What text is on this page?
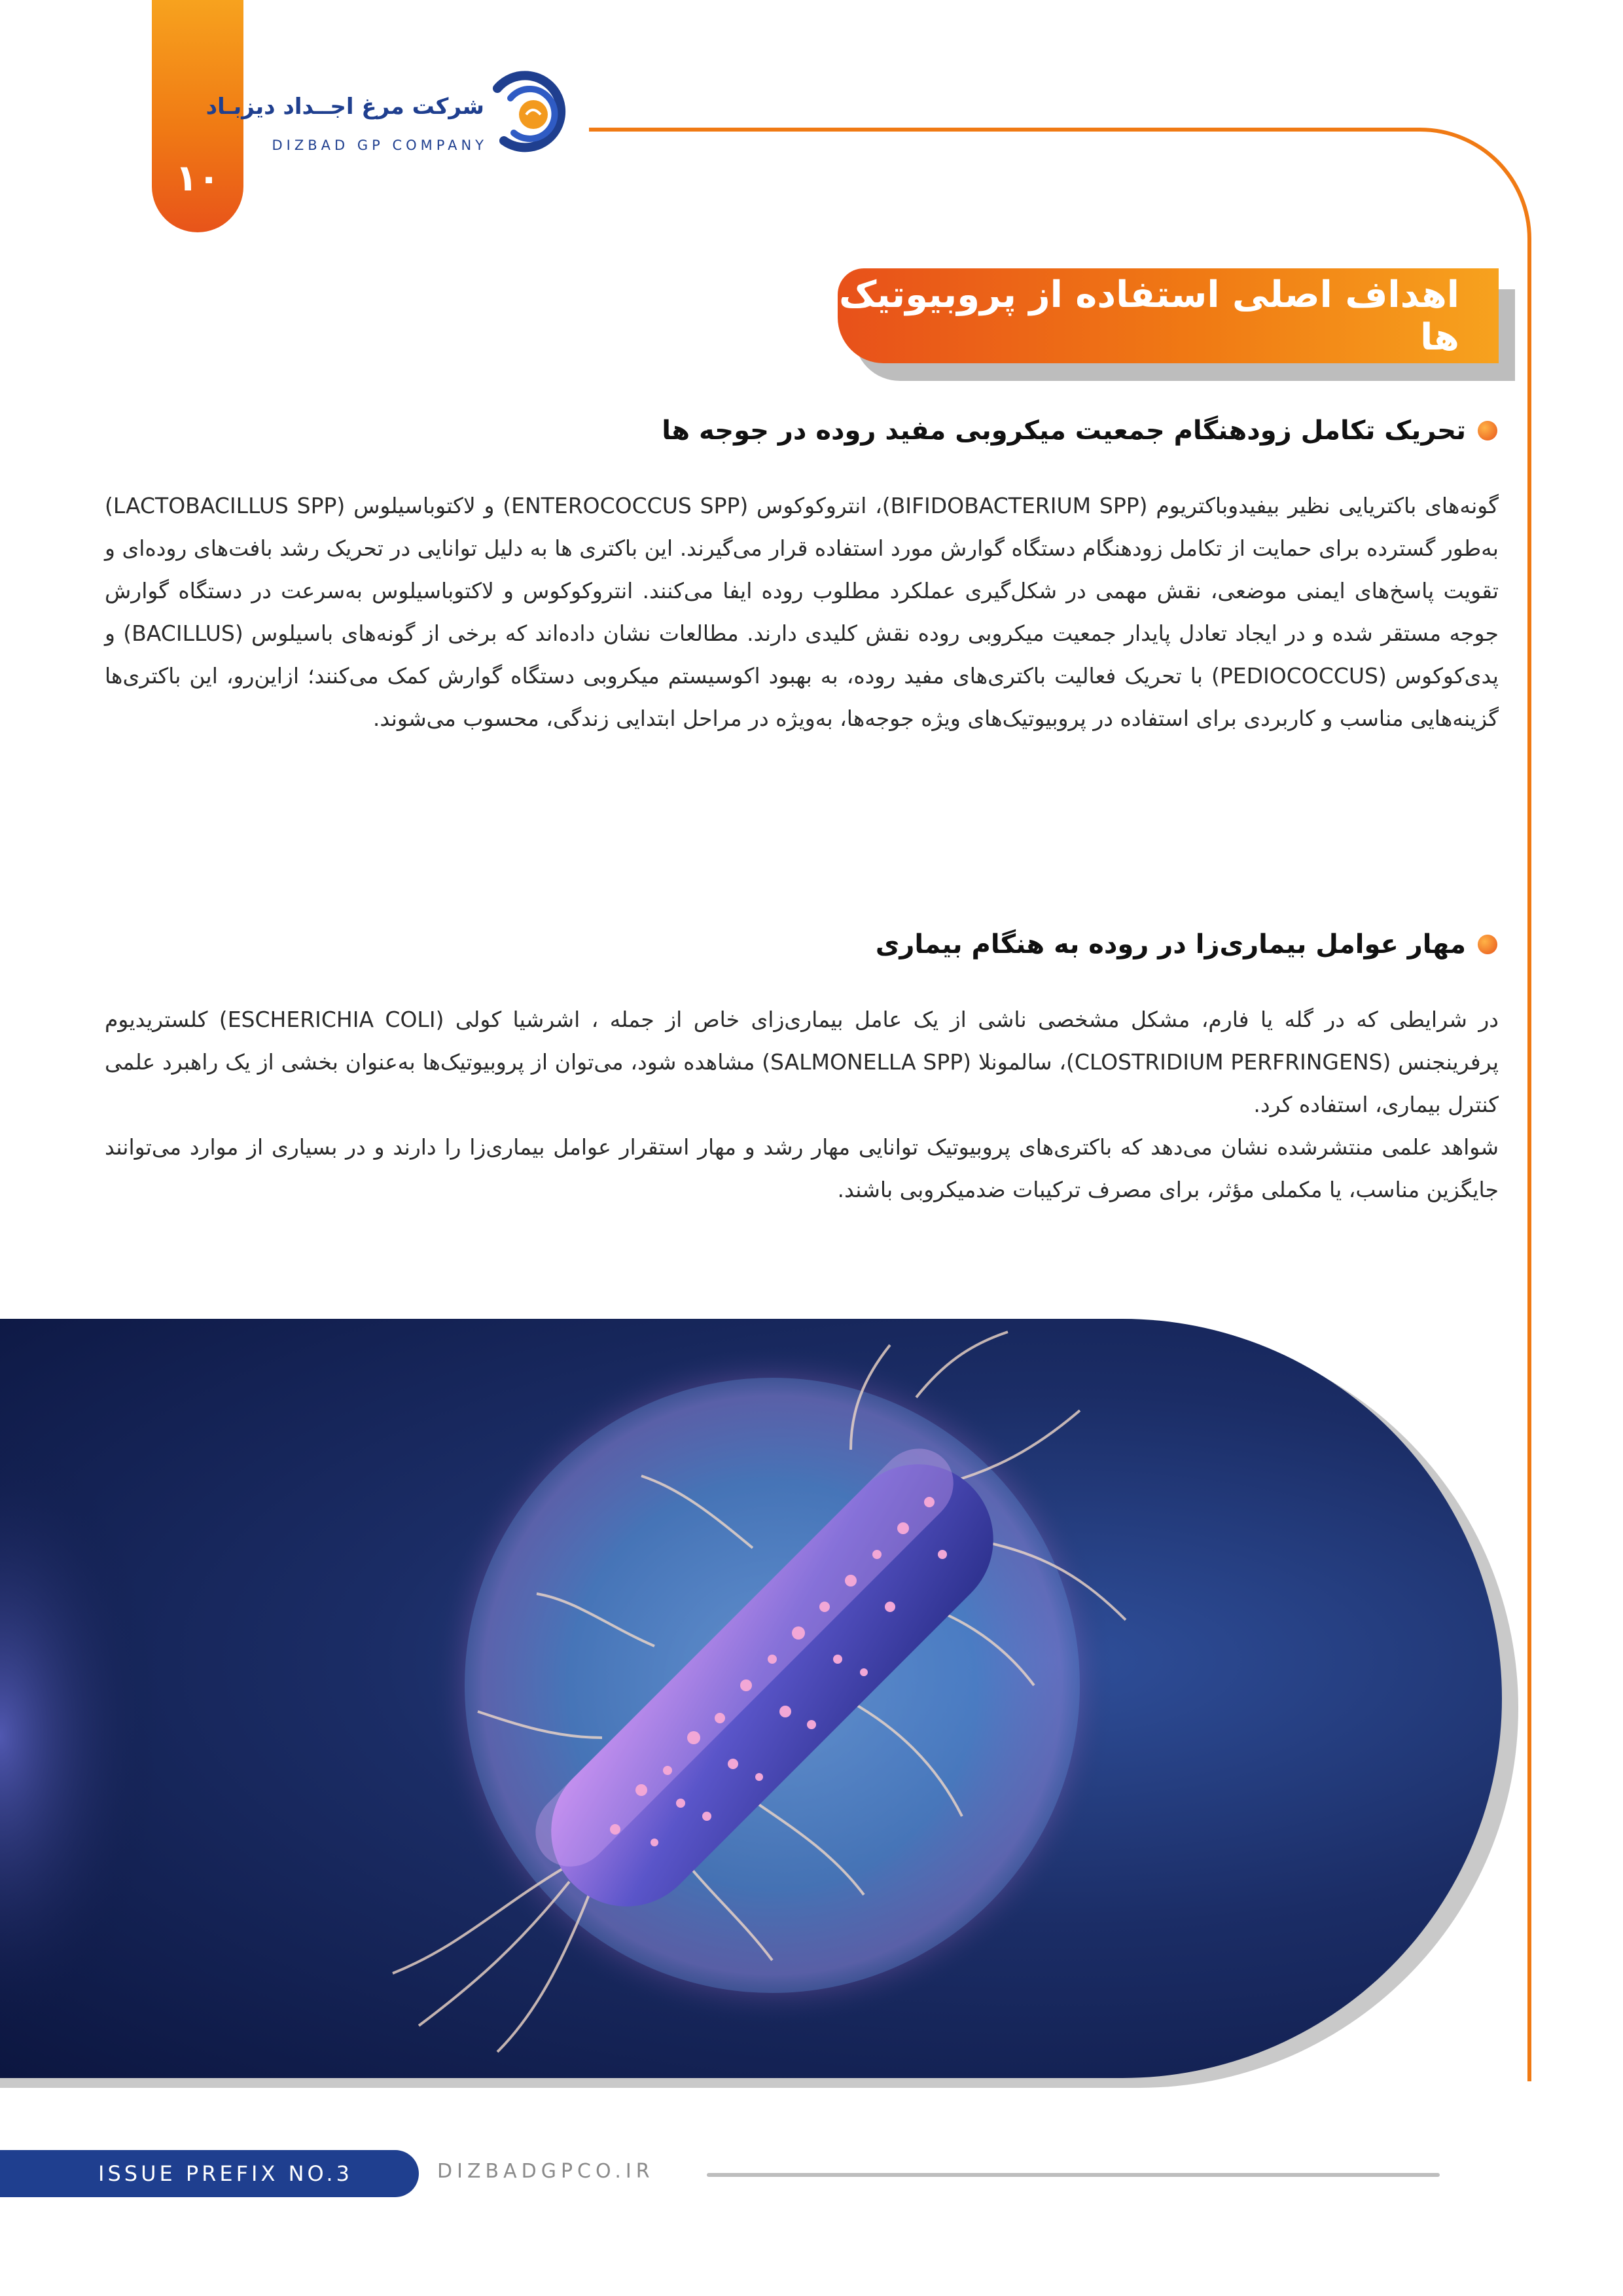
۱۰
شرکت مرغ اجــداد دیزبـاد
DIZBAD GP COMPANY
اهداف اصلی استفاده از پروبیوتیک ها
تحریک تکامل زودهنگام جمعیت میکروبی مفید روده در جوجه ها

گونه‌های باکتریایی نظیر بیفیدوباکتریوم (BIFIDOBACTERIUM SPP)، انتروکوکوس (ENTEROCOCCUS SPP) و لاکتوباسیلوس (LACTOBACILLUS SPP) به‌طور گسترده برای حمایت از تکامل زودهنگام دستگاه گوارش مورد استفاده قرار می‌گیرند. این باکتری ها به دلیل توانایی در تحریک رشد بافت‌های روده‌ای و تقویت پاسخ‌های ایمنی موضعی، نقش مهمی در شکل‌گیری عملکرد مطلوب روده ایفا می‌کنند. انتروکوکوس و لاکتوباسیلوس به‌سرعت در دستگاه گوارش جوجه مستقر شده و در ایجاد تعادل پایدار جمعیت میکروبی روده نقش کلیدی دارند. مطالعات نشان داده‌اند که برخی از گونه‌های باسیلوس (BACILLUS) و پدی‌کوکوس (PEDIOCOCCUS) با تحریک فعالیت باکتری‌های مفید روده، به بهبود اکوسیستم میکروبی دستگاه گوارش کمک می‌کنند؛ ازاین‌رو، این باکتری‌ها گزینه‌هایی مناسب و کاربردی برای استفاده در پروبیوتیک‌های ویژه جوجه‌ها، به‌ویژه در مراحل ابتدایی زندگی، محسوب می‌شوند.

مهار عوامل بیماری‌زا در روده به هنگام بیماری

در شرایطی که در گله یا فارم، مشکل مشخصی ناشی از یک عامل بیماری‌زای خاص از جمله ، اشرشیا کولی (ESCHERICHIA COLI) کلستریدیوم پرفرینجنس (CLOSTRIDIUM PERFRINGENS)، سالمونلا (SALMONELLA SPP) مشاهده شود، می‌توان از پروبیوتیک‌ها به‌عنوان بخشی از یک راهبرد علمی کنترل بیماری، استفاده کرد.

شواهد علمی منتشرشده نشان می‌دهد که باکتری‌های پروبیوتیک توانایی مهار رشد و مهار استقرار عوامل بیماری‌زا را دارند و در بسیاری از موارد می‌توانند جایگزین مناسب، یا مکملی مؤثر، برای مصرف ترکیبات ضدمیکروبی باشند.

ISSUE PREFIX NO.3	DIZBADGPCO.IR
